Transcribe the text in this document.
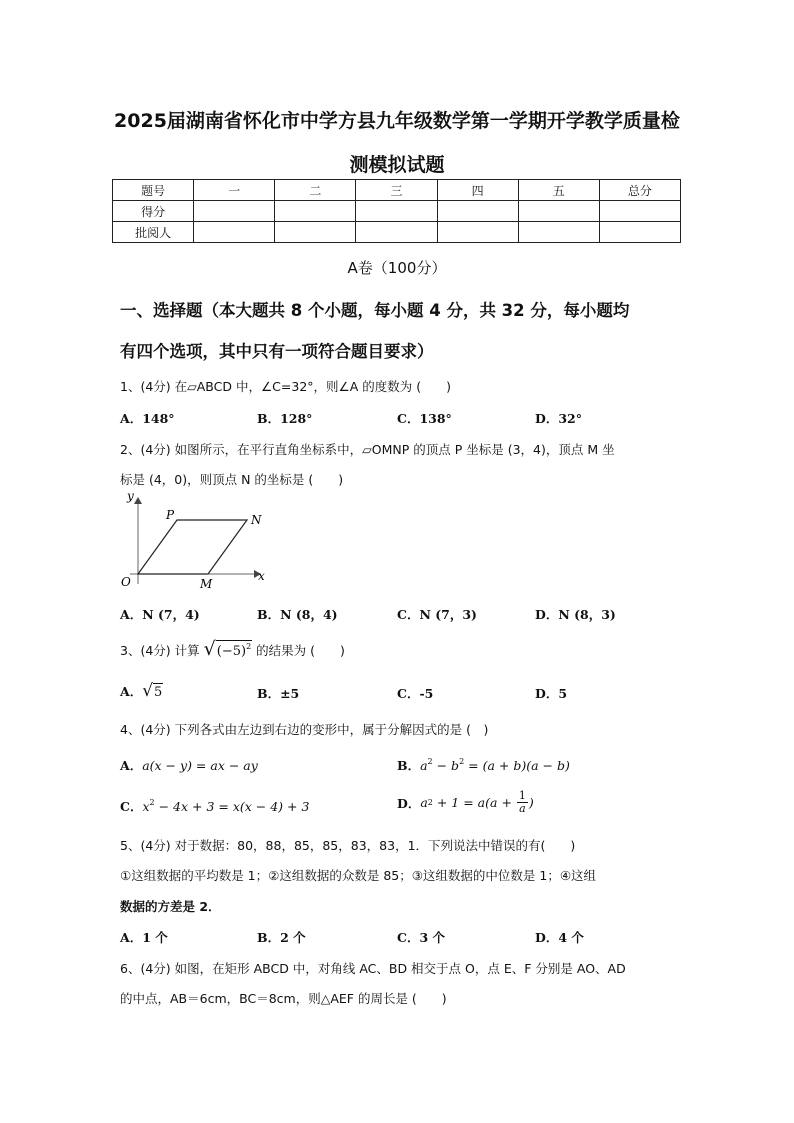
2025届湖南省怀化市中学方县九年级数学第一学期开学教学质量检
测模拟试题
题号	一	二	三	四	五	总分
得分						
批阅人						
A卷（100分）
一、选择题（本大题共 8 个小题，每小题 4 分，共 32 分，每小题均
有四个选项，其中只有一项符合题目要求）
1、(4分) 在▱ABCD 中，∠C=32°，则∠A 的度数为 (　　)
A．148°	B．128°	C．138°	D．32°
2、(4分) 如图所示，在平行直角坐标系中，▱OMNP 的顶点 P 坐标是 (3，4)，顶点 M 坐
标是 (4，0)，则顶点 N 的坐标是 (　　)
y
x
O
P	N
M
A．N (7，4)	B．N (8，4)	C．N (7，3)	D．N (8，3)
3、(4分) 计算 √ $(-5)^2$ 的结果为 (　　)
A． √ 5	B．±5	C．-5	D．5
4、(4分) 下列各式由左边到右边的变形中，属于分解因式的是 (　)
A．a(x − y) = ax − ay	B．$a^2 - b^2 = (a + b)(a - b)$
C．$x^2 - 4x + 3 = x(x - 4) + 3$	D． a $2 + 1 = a(a + \frac{1}{a}$ )
5、(4分) 对于数据：80，88，85，85，83，83，1．下列说法中错误的有(　　)
①这组数据的平均数是 1；②这组数据的众数是 85；③这组数据的中位数是 1；④这组
数据的方差是 2．
A．1 个	B．2 个	C．3 个	D．4 个
6、(4分) 如图，在矩形 ABCD 中，对角线 AC、BD 相交于点 O，点 E、F 分别是 AO、AD
的中点，AB＝6cm，BC＝8cm，则△AEF 的周长是 (　　)
